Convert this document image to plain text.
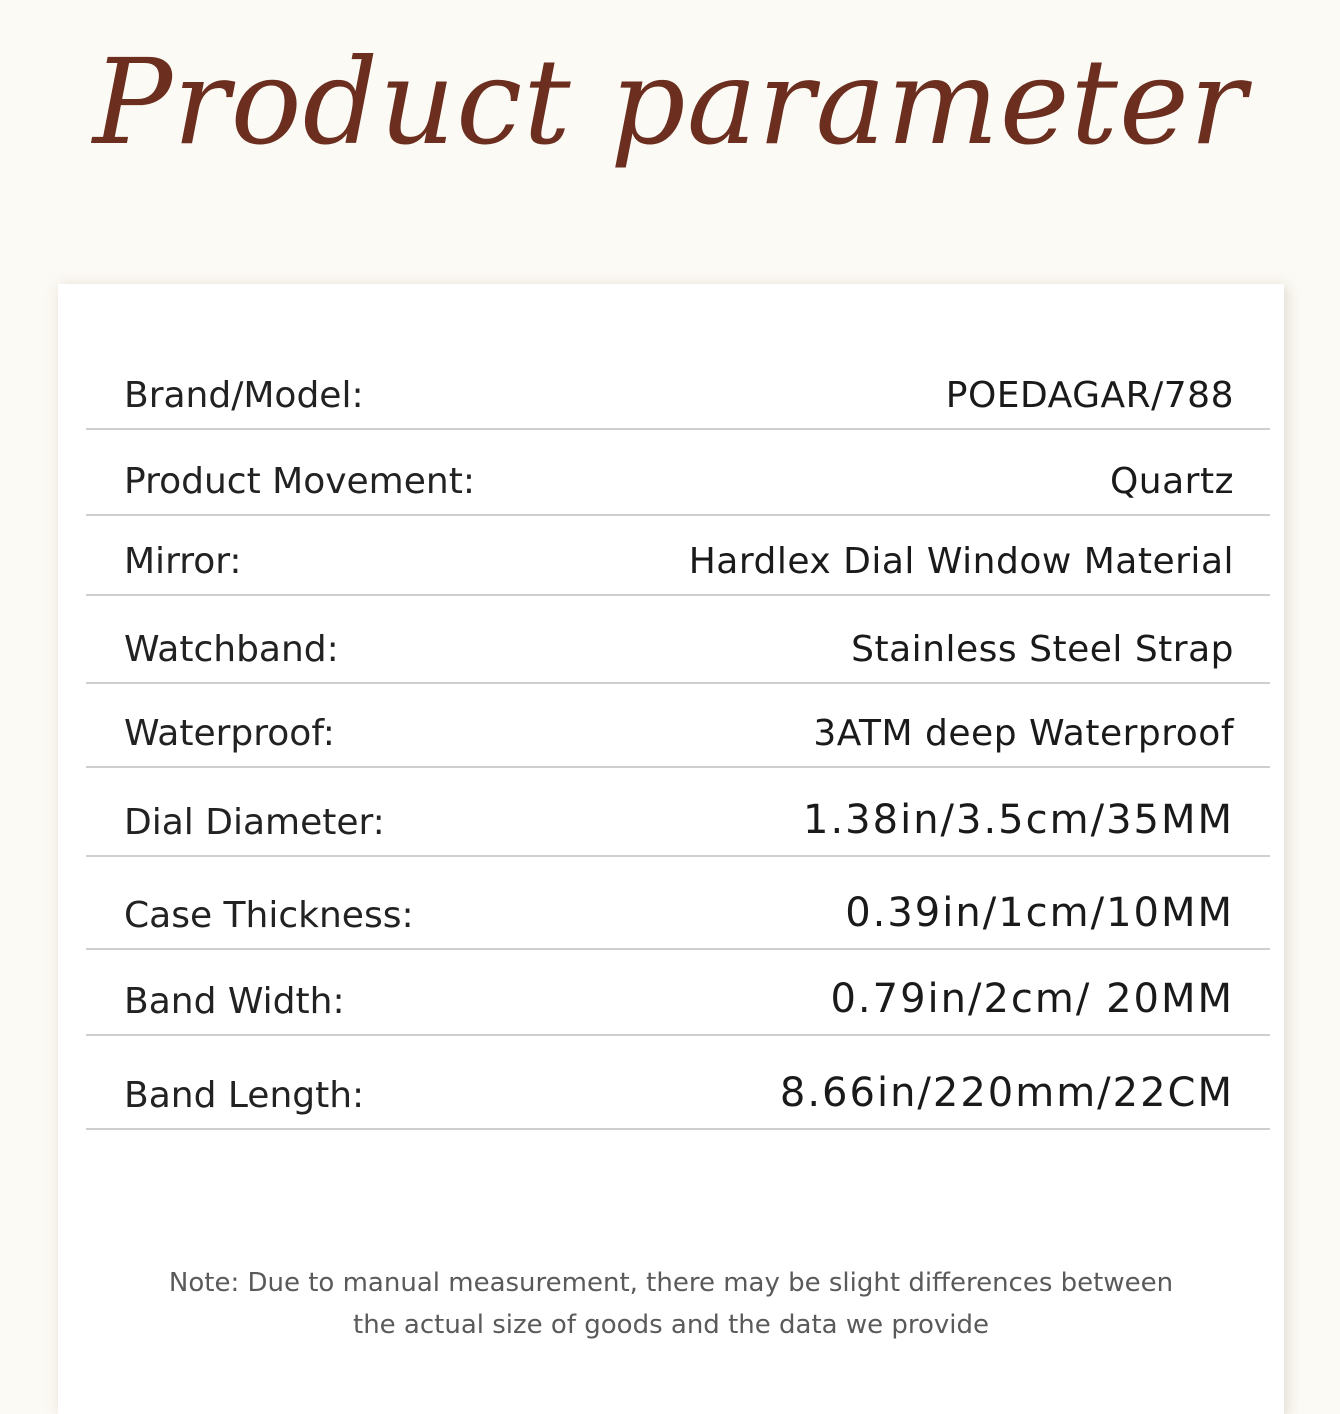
Product parameter
Brand/Model:	POEDAGAR/788
Product Movement:	Quartz
Mirror:	Hardlex Dial Window Material
Watchband:	Stainless Steel Strap
Waterproof:	3ATM deep Waterproof
Dial Diameter:	1.38in/3.5cm/35MM
Case Thickness:	0.39in/1cm/10MM
Band Width:	0.79in/2cm/ 20MM
Band Length:	8.66in/220mm/22CM
Note: Due to manual measurement, there may be slight differences between
the actual size of goods and the data we provide
